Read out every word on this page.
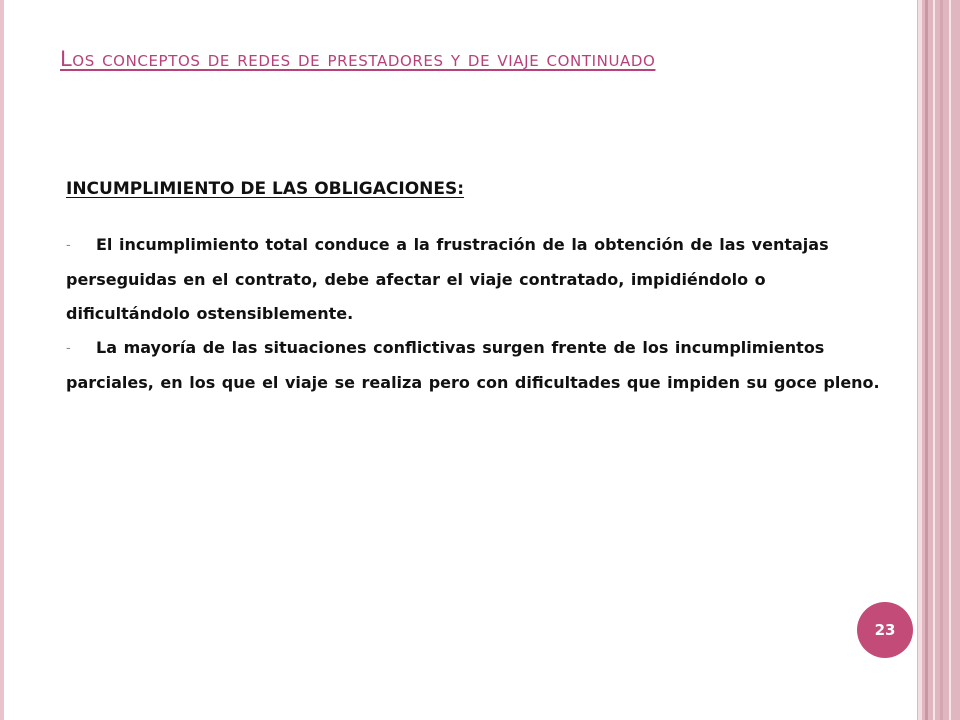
Los conceptos de redes de prestadores y de viaje continuado

INCUMPLIMIENTO DE LAS OBLIGACIONES:

- El incumplimiento total conduce a la frustración de la obtención de las ventajas perseguidas en el contrato, debe afectar el viaje contratado, impidiéndolo o dificultándolo ostensiblemente.

- La mayoría de las situaciones conflictivas surgen frente de los incumplimientos parciales, en los que el viaje se realiza pero con dificultades que impiden su goce pleno.

23
